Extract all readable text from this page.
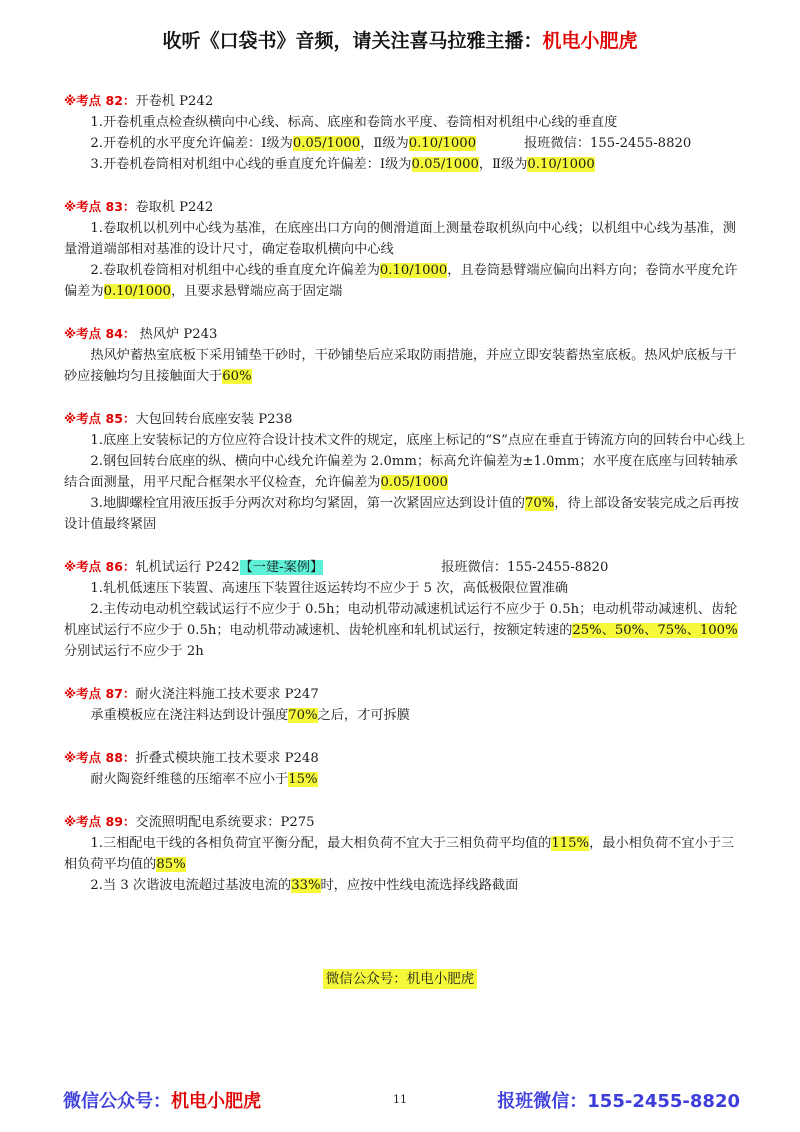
收听《口袋书》音频，请关注喜马拉雅主播：机电小肥虎

※考点 82：开卷机 P242

1.开卷机重点检查纵横向中心线、标高、底座和卷筒水平度、卷筒相对机组中心线的垂直度

2.开卷机的水平度允许偏差：Ⅰ级为0.05/1000，Ⅱ级为0.10/1000	报班微信：155-2455-8820

3.开卷机卷筒相对机组中心线的垂直度允许偏差：Ⅰ级为0.05/1000，Ⅱ级为0.10/1000

※考点 83：卷取机 P242

1.卷取机以机列中心线为基准，在底座出口方向的侧滑道面上测量卷取机纵向中心线；以机组中心线为基准，测量滑道端部相对基准的设计尺寸，确定卷取机横向中心线

2.卷取机卷筒相对机组中心线的垂直度允许偏差为0.10/1000，且卷筒悬臂端应偏向出料方向；卷筒水平度允许偏差为0.10/1000，且要求悬臂端应高于固定端

※考点 84： 热风炉 P243

热风炉蓄热室底板下采用铺垫干砂时，干砂铺垫后应采取防雨措施，并应立即安装蓄热室底板。热风炉底板与干砂应接触均匀且接触面大于60%

※考点 85：大包回转台底座安装 P238

1.底座上安装标记的方位应符合设计技术文件的规定，底座上标记的“S”点应在垂直于铸流方向的回转台中心线上

2.钢包回转台底座的纵、横向中心线允许偏差为 2.0mm；标高允许偏差为±1.0mm；水平度在底座与回转轴承结合面测量，用平尺配合框架水平仪检查，允许偏差为0.05/1000

3.地脚螺栓宜用液压扳手分两次对称均匀紧固，第一次紧固应达到设计值的70%，待上部设备安装完成之后再按设计值最终紧固

※考点 86：轧机试运行 P242【一建-案例】	报班微信：155-2455-8820

1.轧机低速压下装置、高速压下装置往返运转均不应少于 5 次，高低极限位置准确

2.主传动电动机空载试运行不应少于 0.5h；电动机带动减速机试运行不应少于 0.5h；电动机带动减速机、齿轮机座试运行不应少于 0.5h；电动机带动减速机、齿轮机座和轧机试运行，按额定转速的25%、50%、75%、100%分别试运行不应少于 2h

※考点 87：耐火浇注料施工技术要求 P247

承重模板应在浇注料达到设计强度70%之后，才可拆膜

※考点 88：折叠式模块施工技术要求 P248

耐火陶瓷纤维毯的压缩率不应小于15%

※考点 89：交流照明配电系统要求：P275

1.三相配电干线的各相负荷宜平衡分配，最大相负荷不宜大于三相负荷平均值的115%，最小相负荷不宜小于三相负荷平均值的85%

2.当 3 次谐波电流超过基波电流的33%时，应按中性线电流选择线路截面

微信公众号：机电小肥虎
微信公众号：机电小肥虎	11	报班微信：155-2455-8820
